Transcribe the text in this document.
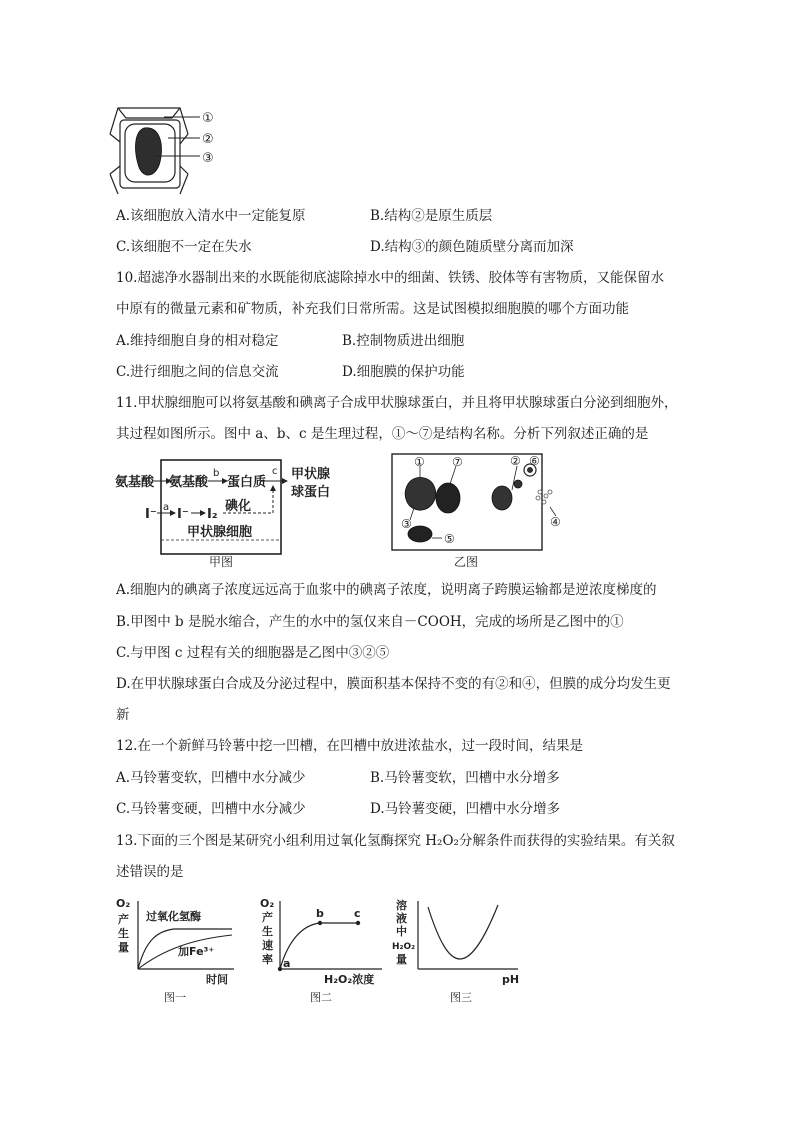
①
②
③
A.该细胞放入清水中一定能复原	B.结构②是原生质层
C.该细胞不一定在失水	D.结构③的颜色随质壁分离而加深
10.超滤净水器制出来的水既能彻底滤除掉水中的细菌、铁锈、胶体等有害物质，又能保留水
中原有的微量元素和矿物质，补充我们日常所需。这是试图模拟细胞膜的哪个方面功能
A.维持细胞自身的相对稳定	B.控制物质进出细胞
C.进行细胞之间的信息交流	D.细胞膜的保护功能
11.甲状腺细胞可以将氨基酸和碘离子合成甲状腺球蛋白，并且将甲状腺球蛋白分泌到细胞外，
其过程如图所示。图中 a、b、c 是生理过程，①～⑦是结构名称。分析下列叙述正确的是
氨基酸 氨基酸 蛋白质
甲状腺
球蛋白
I⁻ I⁻ I₂
碘化
甲状腺细胞
a
b	c
甲图
①	②
③	④
⑤
⑥
⑦
乙图
A.细胞内的碘离子浓度远远高于血浆中的碘离子浓度，说明离子跨膜运输都是逆浓度梯度的
B.甲图中 b 是脱水缩合，产生的水中的氢仅来自－COOH，完成的场所是乙图中的①
C.与甲图 c 过程有关的细胞器是乙图中③②⑤
D.在甲状腺球蛋白合成及分泌过程中，膜面积基本保持不变的有②和④，但膜的成分均发生更
新
12.在一个新鲜马铃薯中挖一凹槽，在凹槽中放进浓盐水，过一段时间，结果是
A.马铃薯变软，凹槽中水分减少	B.马铃薯变软，凹槽中水分增多
C.马铃薯变硬，凹槽中水分减少	D.马铃薯变硬，凹槽中水分增多
13.下面的三个图是某研究小组利用过氧化氢酶探究 H₂O₂分解条件而获得的实验结果。有关叙
述错误的是
O₂
产
生
量
过氧化氢酶
加Fe³⁺
时间
图一
O₂
产
生
速
率 a
b	c
H₂O₂浓度
图二
溶
液
中
H₂O₂
量
pH
图三
